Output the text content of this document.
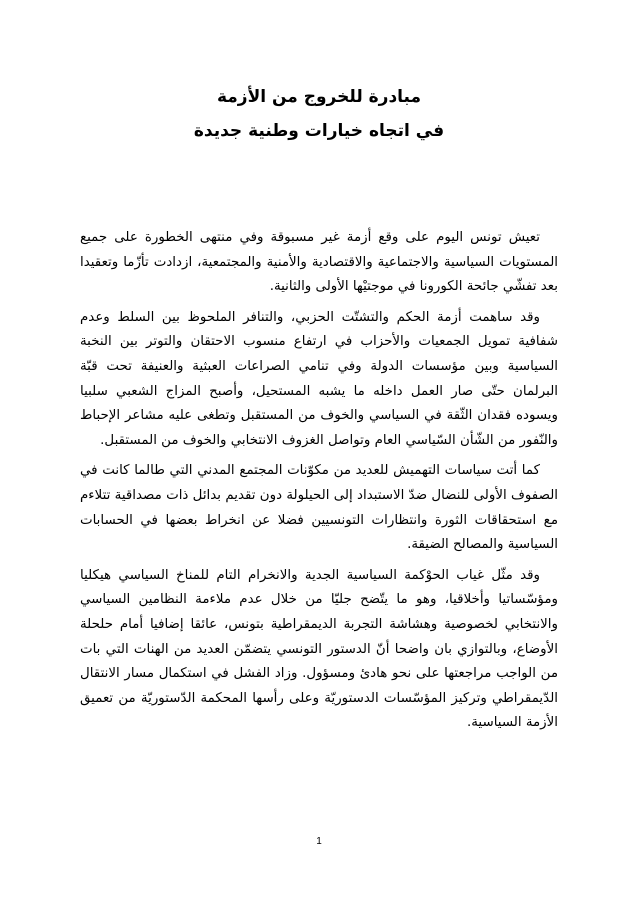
مبادرة للخروج من الأزمة
في اتجاه خيارات وطنية جديدة

تعيش تونس اليوم على وقع أزمة غير مسبوقة وفي منتهى الخطورة على جميع المستويات السياسية والاجتماعية والاقتصادية والأمنية والمجتمعية، ازدادت تأزّما وتعقيدا بعد تفشّي جائحة الكورونا في موجتيْها الأولى والثانية.

وقد ساهمت أزمة الحكم والتشتّت الحزبي، والتنافر الملحوظ بين السلط وعدم شفافية تمويل الجمعيات والأحزاب في ارتفاع منسوب الاحتقان والتوتر بين النخبة السياسية وبين مؤسسات الدولة وفي تنامي الصراعات العبثية والعنيفة تحت قبّة البرلمان حتّى صار العمل داخله ما يشبه المستحيل، وأصبح المزاج الشعبي سلبيا ويسوده فقدان الثّقة في السياسي والخوف من المستقبل وتطغى عليه مشاعر الإحباط والنّفور من الشّأن السّياسي العام وتواصل الغزوف الانتخابي والخوف من المستقبل.

كما أتت سياسات التهميش للعديد من مكوّنات المجتمع المدني التي طالما كانت في الصفوف الأولى للنضال ضدّ الاستبداد إلى الحيلولة دون تقديم بدائل ذات مصداقية تتلاءم مع استحقاقات الثورة وانتظارات التونسيين فضلا عن انخراط بعضها في الحسابات السياسية والمصالح الضيقة.

وقد مثّل غياب الحوْكمة السياسية الجدية والانخرام التام للمناخ السياسي هيكليا ومؤسّساتيا وأخلاقيا، وهو ما يتّضح جليّا من خلال عدم ملاءمة النظامين السياسي والانتخابي لخصوصية وهشاشة التجربة الديمقراطية بتونس، عائقا إضافيا أمام حلحلة الأوضاع، وبالتوازي بان واضحا أنّ الدستور التونسي يتضمّن العديد من الهنات التي بات من الواجب مراجعتها على نحو هادئ ومسؤول. وزاد الفشل في استكمال مسار الانتقال الدّيمقراطي وتركيز المؤسّسات الدستوريّة وعلى رأسها المحكمة الدّستوريّة من تعميق الأزمة السياسية.

1
